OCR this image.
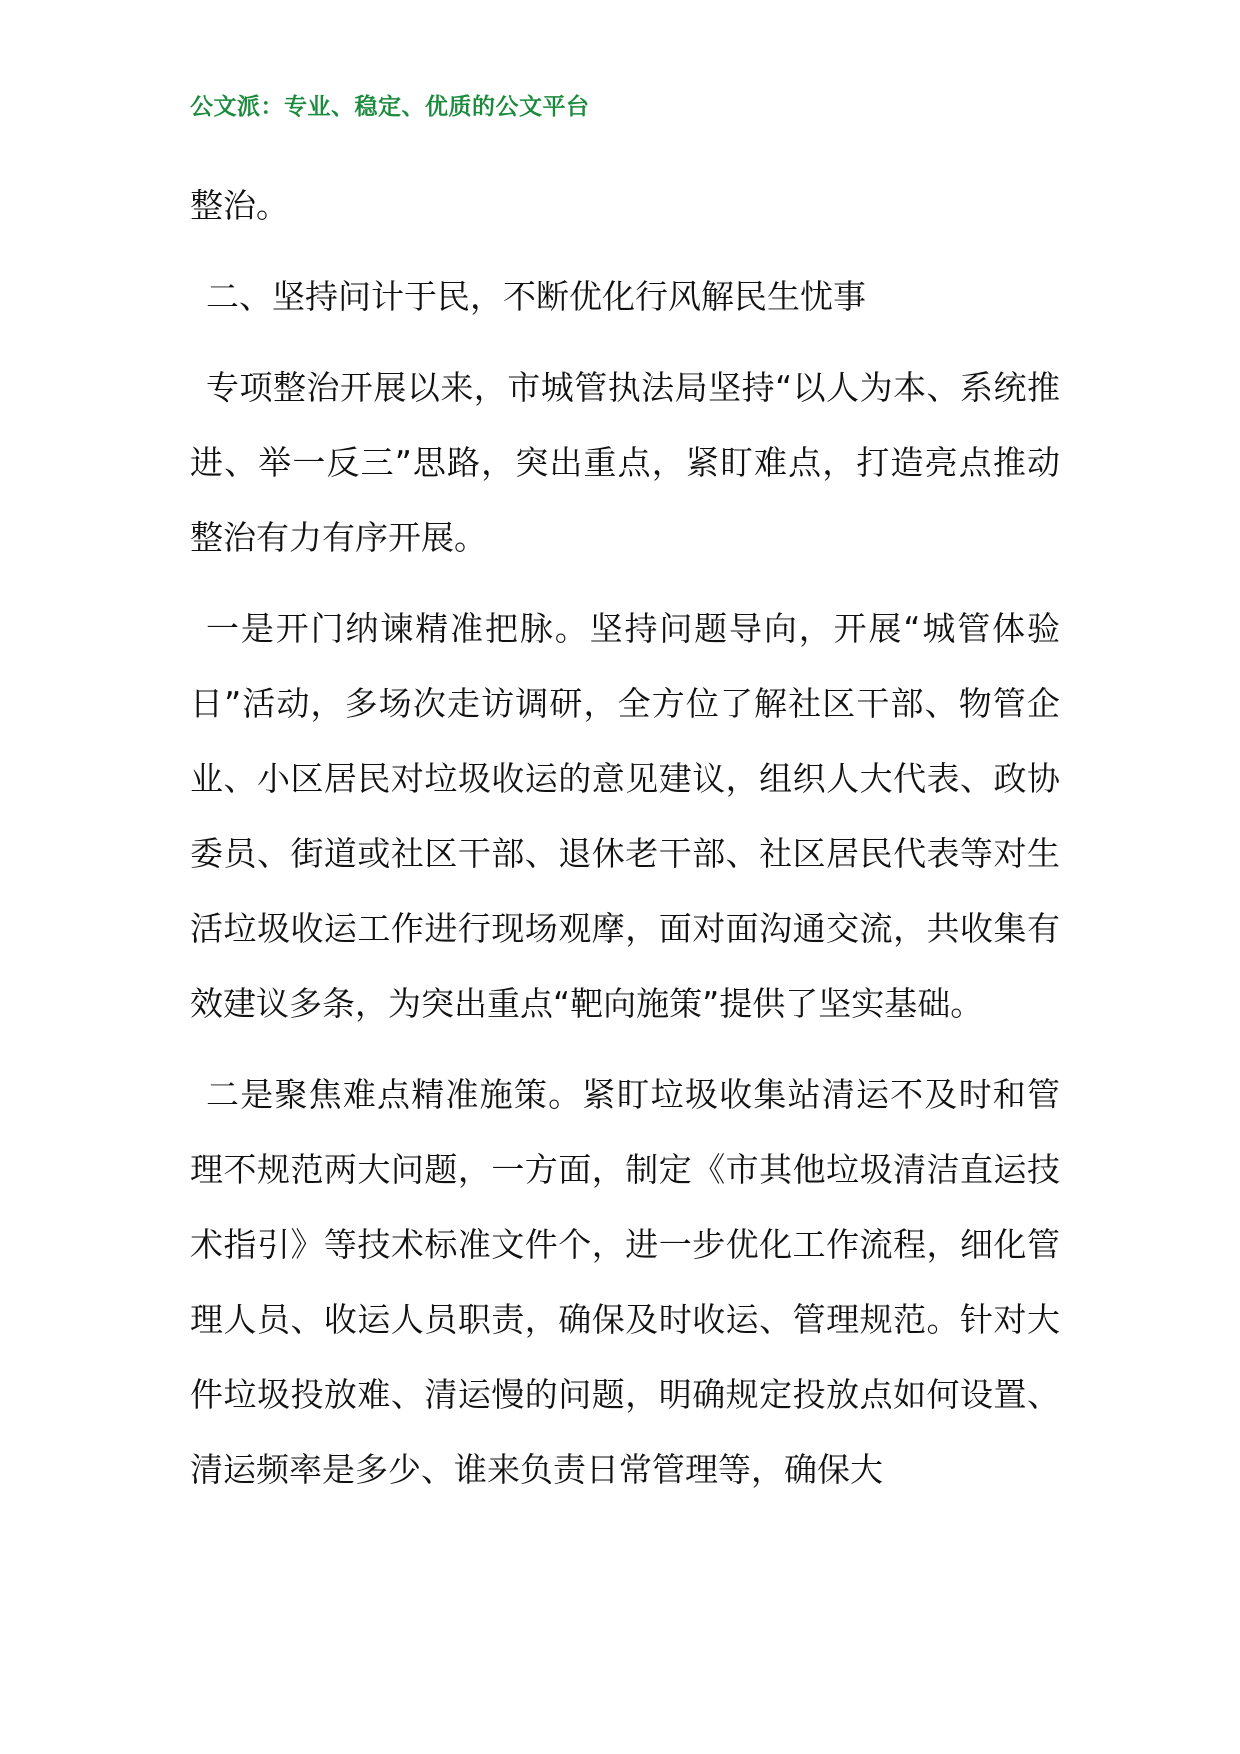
公文派：专业、稳定、优质的公文平台

整治。

二、坚持问计于民，不断优化行风解民生忧事

专项整治开展以来，市城管执法局坚持“以人为本、系统推进、举一反三”思路，突出重点，紧盯难点，打造亮点推动整治有力有序开展。

一是开门纳谏精准把脉。坚持问题导向，开展“城管体验日”活动，多场次走访调研，全方位了解社区干部、物管企业、小区居民对垃圾收运的意见建议，组织人大代表、政协委员、街道或社区干部、退休老干部、社区居民代表等对生活垃圾收运工作进行现场观摩，面对面沟通交流，共收集有效建议多条，为突出重点“靶向施策”提供了坚实基础。

二是聚焦难点精准施策。紧盯垃圾收集站清运不及时和管理不规范两大问题，一方面，制定《市其他垃圾清洁直运技术指引》等技术标准文件个，进一步优化工作流程，细化管理人员、收运人员职责，确保及时收运、管理规范。针对大件垃圾投放难、清运慢的问题，明确规定投放点如何设置、清运频率是多少、谁来负责日常管理等，确保大
